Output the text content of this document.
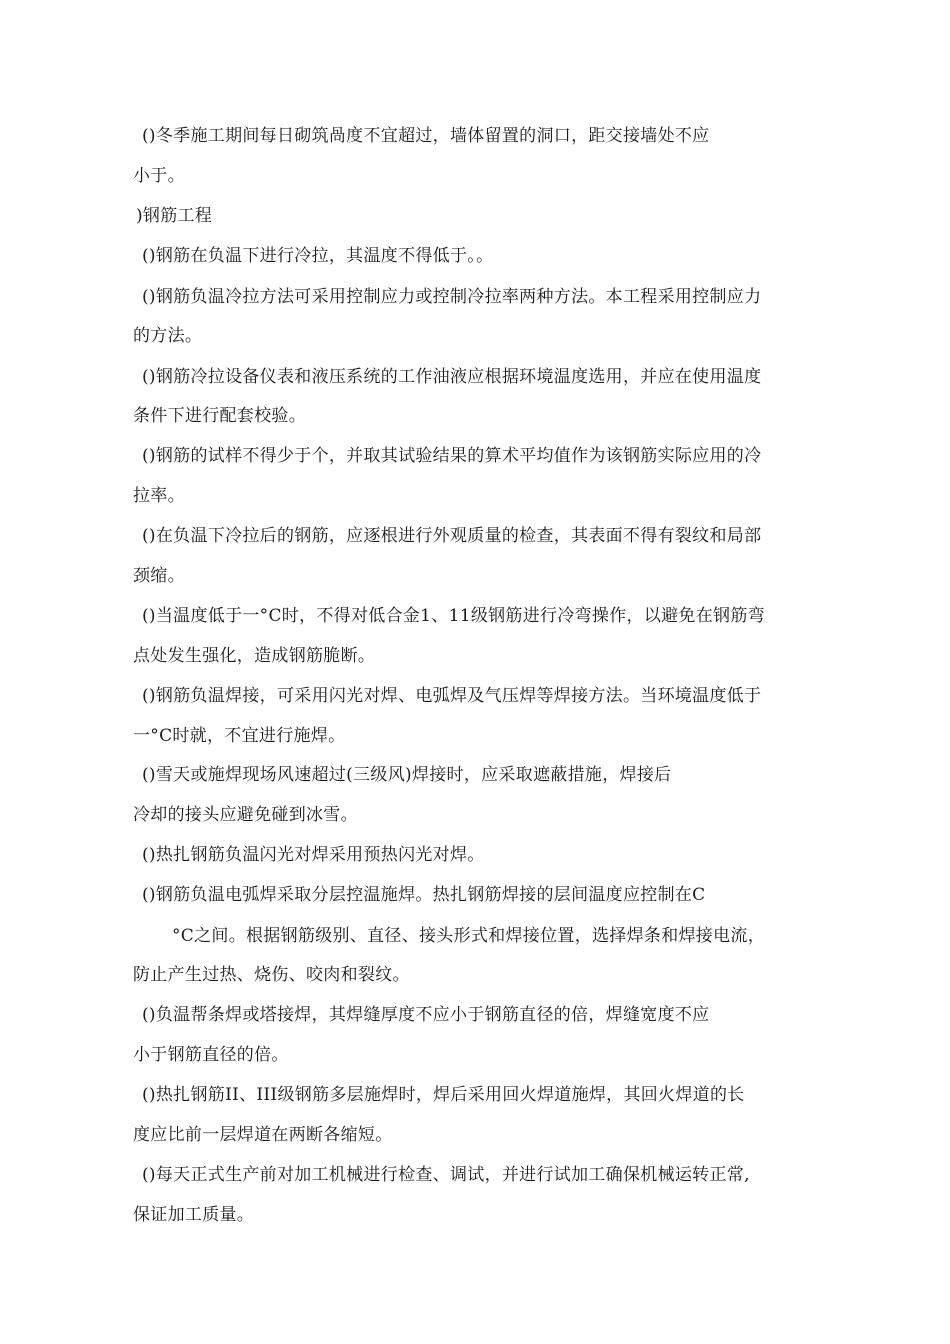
()冬季施工期间每日砌筑咼度不宜超过，墙体留置的洞口，距交接墙处不应
小于。
)钢筋工程
()钢筋在负温下进行冷拉，其温度不得低于。。
()钢筋负温冷拉方法可采用控制应力或控制冷拉率两种方法。本工程采用控制应力
的方法。
()钢筋冷拉设备仪表和液压系统的工作油液应根据环境温度选用，并应在使用温度
条件下进行配套校验。
()钢筋的试样不得少于个，并取其试验结果的算术平均值作为该钢筋实际应用的冷
拉率。
()在负温下冷拉后的钢筋，应逐根进行外观质量的检查，其表面不得有裂纹和局部
颈缩。
()当温度低于一°C时，不得对低合金1、11级钢筋进行冷弯操作，以避免在钢筋弯
点处发生强化，造成钢筋脆断。
()钢筋负温焊接，可采用闪光对焊、电弧焊及气压焊等焊接方法。当环境温度低于
一°C时就，不宜进行施焊。
()雪天或施焊现场风速超过(三级风)焊接时，应采取遮蔽措施，焊接后
冷却的接头应避免碰到冰雪。
()热扎钢筋负温闪光对焊采用预热闪光对焊。
()钢筋负温电弧焊采取分层控温施焊。热扎钢筋焊接的层间温度应控制在C
°C之间。根据钢筋级别、直径、接头形式和焊接位置，选择焊条和焊接电流，
防止产生过热、烧伤、咬肉和裂纹。
()负温帮条焊或塔接焊，其焊缝厚度不应小于钢筋直径的倍，焊缝宽度不应
小于钢筋直径的倍。
()热扎钢筋II、III级钢筋多层施焊时，焊后采用回火焊道施焊，其回火焊道的长
度应比前一层焊道在两断各缩短。
()每天正式生产前对加工机械进行检查、调试，并进行试加工确保机械运转正常,
保证加工质量。
